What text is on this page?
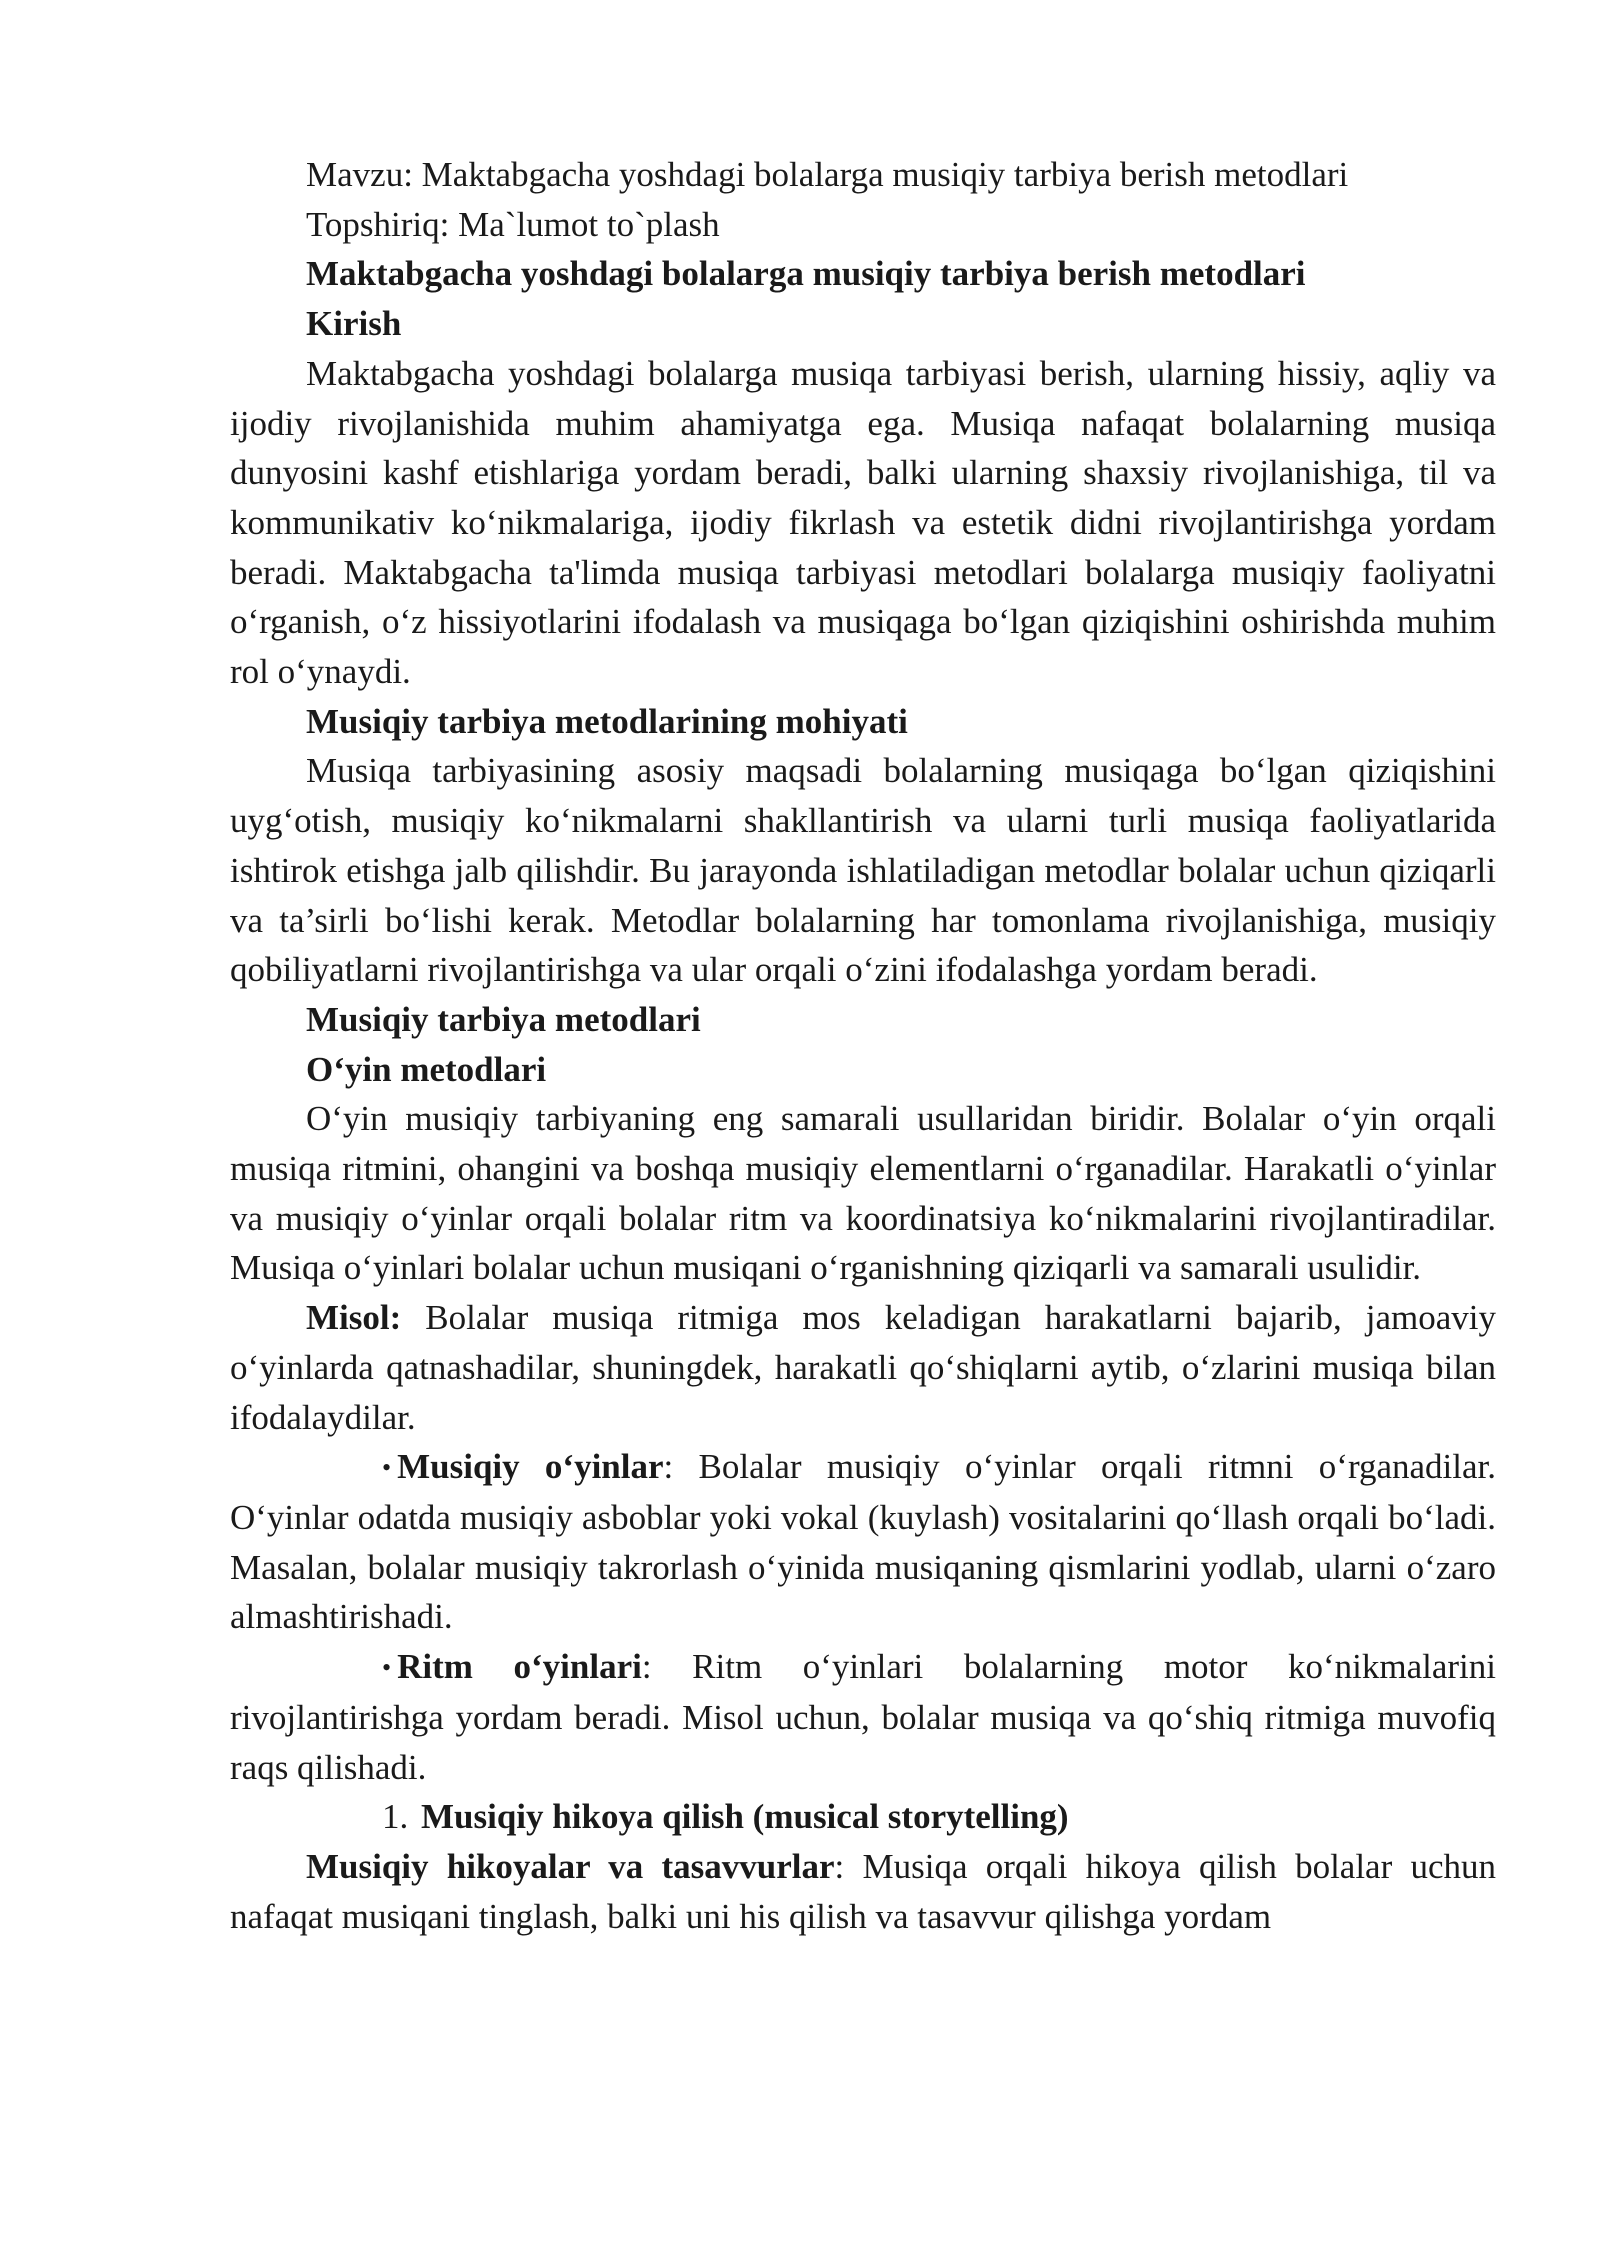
Mavzu: Maktabgacha yoshdagi bolalarga musiqiy tarbiya berish metodlari

Topshiriq: Ma`lumot to`plash

Maktabgacha yoshdagi bolalarga musiqiy tarbiya berish metodlari

Kirish

Maktabgacha yoshdagi bolalarga musiqa tarbiyasi berish, ularning hissiy, aqliy va ijodiy rivojlanishida muhim ahamiyatga ega. Musiqa nafaqat bolalarning musiqa dunyosini kashf etishlariga yordam beradi, balki ularning shaxsiy rivojlanishiga, til va kommunikativ ko‘nikmalariga, ijodiy fikrlash va estetik didni rivojlantirishga yordam beradi. Maktabgacha ta'limda musiqa tarbiyasi metodlari bolalarga musiqiy faoliyatni o‘rganish, o‘z hissiyotlarini ifodalash va musiqaga bo‘lgan qiziqishini oshirishda muhim rol o‘ynaydi.

Musiqiy tarbiya metodlarining mohiyati

Musiqa tarbiyasining asosiy maqsadi bolalarning musiqaga bo‘lgan qiziqishini uyg‘otish, musiqiy ko‘nikmalarni shakllantirish va ularni turli musiqa faoliyatlarida ishtirok etishga jalb qilishdir. Bu jarayonda ishlatiladigan metodlar bolalar uchun qiziqarli va ta’sirli bo‘lishi kerak. Metodlar bolalarning har tomonlama rivojlanishiga, musiqiy qobiliyatlarni rivojlantirishga va ular orqali o‘zini ifodalashga yordam beradi.

Musiqiy tarbiya metodlari

O‘yin metodlari

O‘yin musiqiy tarbiyaning eng samarali usullaridan biridir. Bolalar o‘yin orqali musiqa ritmini, ohangini va boshqa musiqiy elementlarni o‘rganadilar. Harakatli o‘yinlar va musiqiy o‘yinlar orqali bolalar ritm va koordinatsiya ko‘nikmalarini rivojlantiradilar. Musiqa o‘yinlari bolalar uchun musiqani o‘rganishning qiziqarli va samarali usulidir.

Misol: Bolalar musiqa ritmiga mos keladigan harakatlarni bajarib, jamoaviy o‘yinlarda qatnashadilar, shuningdek, harakatli qo‘shiqlarni aytib, o‘zlarini musiqa bilan ifodalaydilar.

• Musiqiy o‘yinlar: Bolalar musiqiy o‘yinlar orqali ritmni o‘rganadilar. O‘yinlar odatda musiqiy asboblar yoki vokal (kuylash) vositalarini qo‘llash orqali bo‘ladi. Masalan, bolalar musiqiy takrorlash o‘yinida musiqaning qismlarini yodlab, ularni o‘zaro almashtirishadi.

• Ritm o‘yinlari: Ritm o‘yinlari bolalarning motor ko‘nikmalarini rivojlantirishga yordam beradi. Misol uchun, bolalar musiqa va qo‘shiq ritmiga muvofiq raqs qilishadi.

1. Musiqiy hikoya qilish (musical storytelling)

Musiqiy hikoyalar va tasavvurlar: Musiqa orqali hikoya qilish bolalar uchun nafaqat musiqani tinglash, balki uni his qilish va tasavvur qilishga yordam
